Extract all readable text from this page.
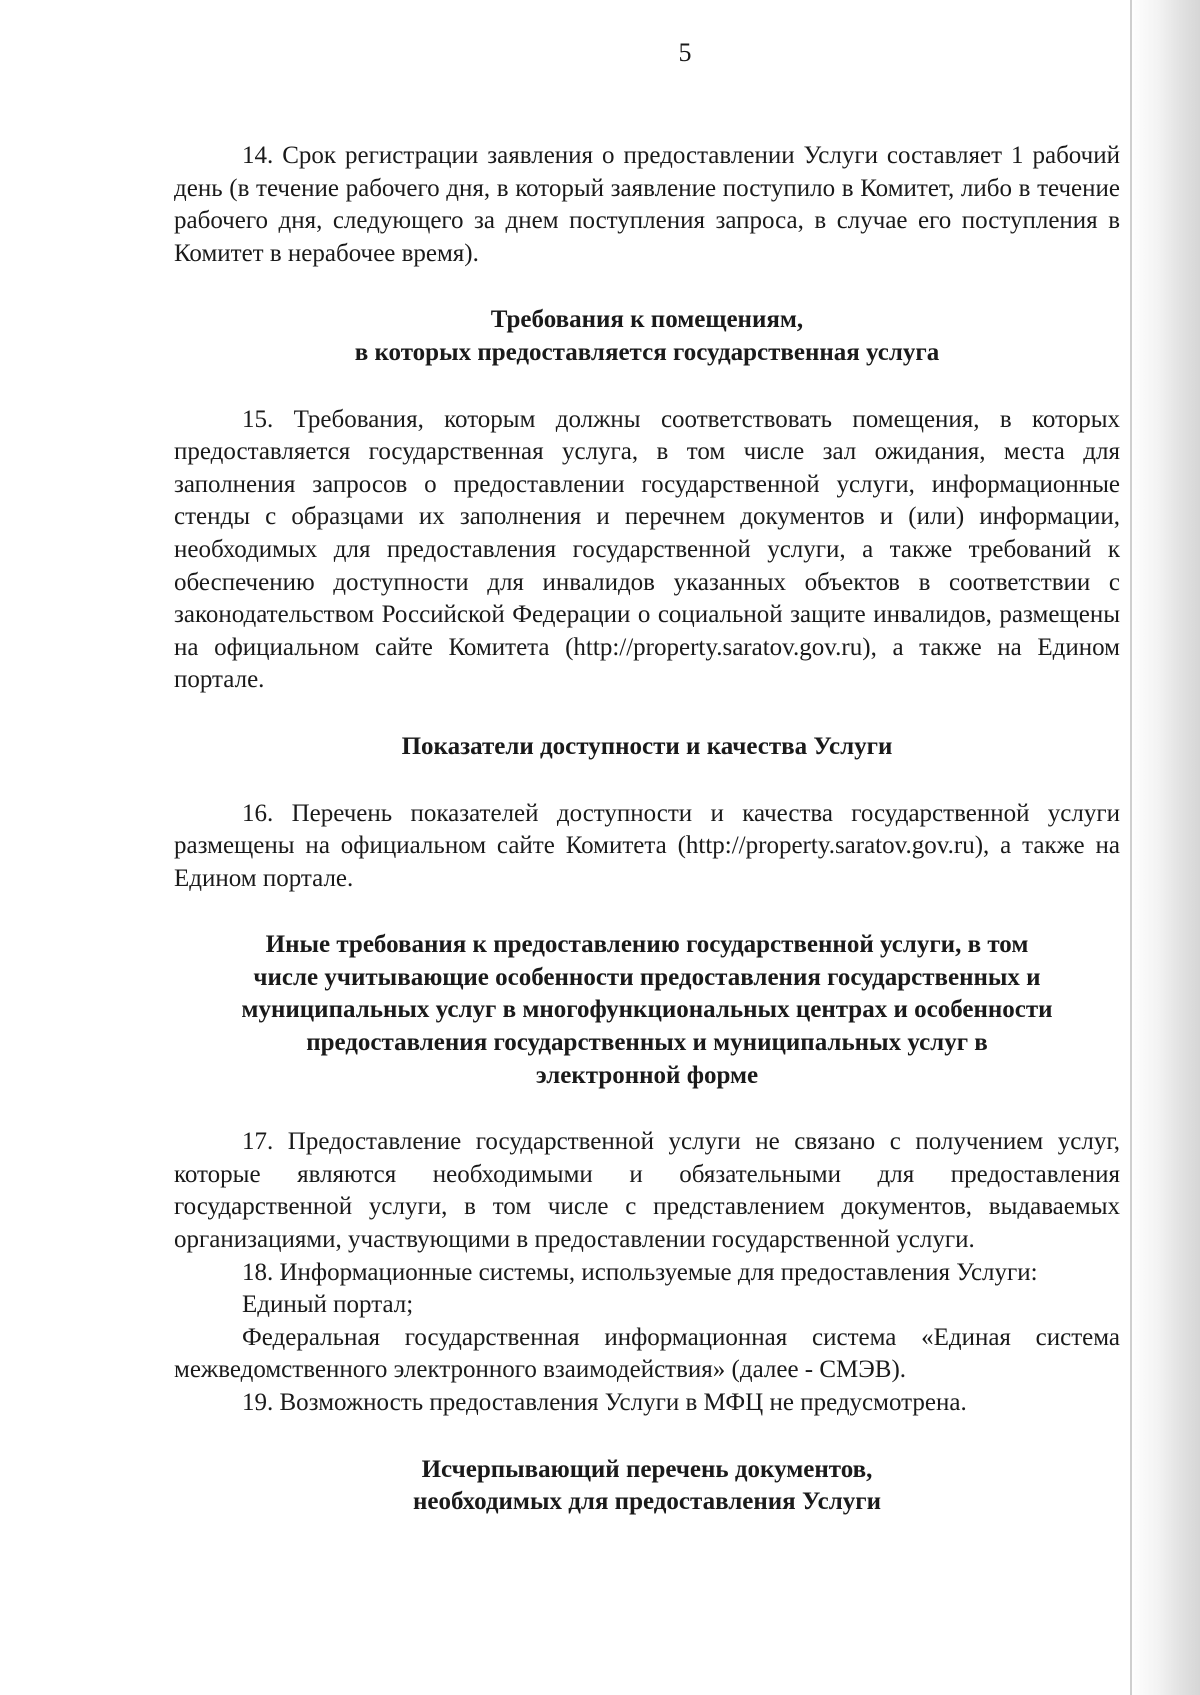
5

14. Срок регистрации заявления о предоставлении Услуги составляет 1 рабочий день (в течение рабочего дня, в который заявление поступило в Комитет, либо в течение рабочего дня, следующего за днем поступления запроса, в случае его поступления в Комитет в нерабочее время).

Требования к помещениям,
в которых предоставляется государственная услуга

15. Требования, которым должны соответствовать помещения, в которых предоставляется государственная услуга, в том числе зал ожидания, места для заполнения запросов о предоставлении государственной услуги, информационные стенды с образцами их заполнения и перечнем документов и (или) информации, необходимых для предоставления государственной услуги, а также требований к обеспечению доступности для инвалидов указанных объектов в соответствии с законодательством Российской Федерации о социальной защите инвалидов, размещены на официальном сайте Комитета (http://property.saratov.gov.ru), а также на Едином портале.

Показатели доступности и качества Услуги

16. Перечень показателей доступности и качества государственной услуги размещены на официальном сайте Комитета (http://property.saratov.gov.ru), а также на Едином портале.

Иные требования к предоставлению государственной услуги, в том
числе учитывающие особенности предоставления государственных и
муниципальных услуг в многофункциональных центрах и особенности
предоставления государственных и муниципальных услуг в
электронной форме

17. Предоставление государственной услуги не связано с получением услуг, которые являются необходимыми и обязательными для предоставления государственной услуги, в том числе с представлением документов, выдаваемых организациями, участвующими в предоставлении государственной услуги.

18. Информационные системы, используемые для предоставления Услуги:

Единый портал;

Федеральная государственная информационная система «Единая система межведомственного электронного взаимодействия» (далее - СМЭВ).

19. Возможность предоставления Услуги в МФЦ не предусмотрена.

Исчерпывающий перечень документов,
необходимых для предоставления Услуги
